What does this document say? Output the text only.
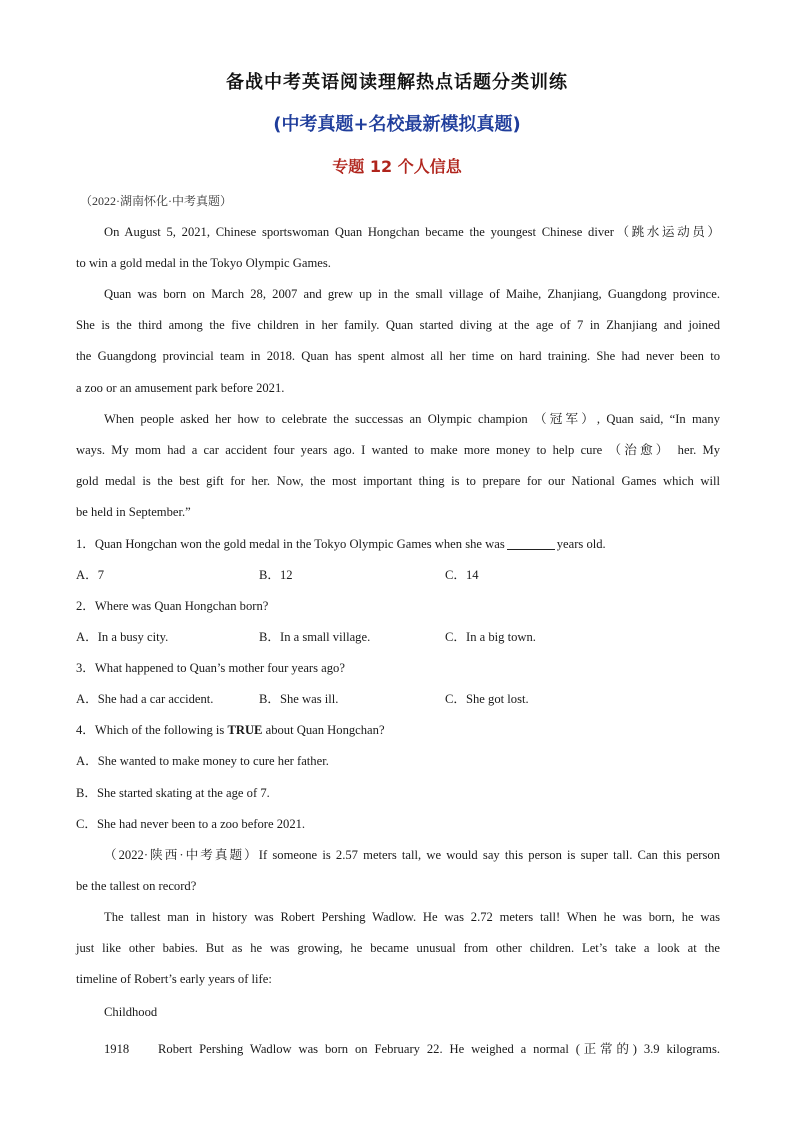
备战中考英语阅读理解热点话题分类训练
(中考真题+名校最新模拟真题)
专题 12 个人信息
（2022·湖南怀化·中考真题）
On August 5, 2021, Chinese sportswoman Quan Hongchan became the youngest Chinese diver（跳水运动员）
to win a gold medal in the Tokyo Olympic Games.
Quan was born on March 28, 2007 and grew up in the small village of Maihe, Zhanjiang, Guangdong province.
She is the third among the five children in her family. Quan started diving at the age of 7 in Zhanjiang and joined
the Guangdong provincial team in 2018. Quan has spent almost all her time on hard training. She had never been to
a zoo or an amusement park before 2021.
When people asked her how to celebrate the successas an Olympic champion （冠军）, Quan said, “In many
ways. My mom had a car accident four years ago. I wanted to make more money to help cure （治愈） her. My
gold medal is the best gift for her. Now, the most important thing is to prepare for our National Games which will
be held in September.”
1．Quan Hongchan won the gold medal in the Tokyo Olympic Games when she was	years old.
A．7	B．12	C．14
2．Where was Quan Hongchan born?
A．In a busy city.	B．In a small village.	C．In a big town.
3．What happened to Quan’s mother four years ago?
A．She had a car accident.	B．She was ill.	C．She got lost.
4．Which of the following is TRUE about Quan Hongchan?
A．She wanted to make money to cure her father.
B．She started skating at the age of 7.
C．She had never been to a zoo before 2021.
（2022·陕西·中考真题）If someone is 2.57 meters tall, we would say this person is super tall. Can this person
be the tallest on record?
The tallest man in history was Robert Pershing Wadlow. He was 2.72 meters tall! When he was born, he was
just like other babies. But as he was growing, he became unusual from other children. Let’s take a look at the
timeline of Robert’s early years of life:
Childhood
1918 Robert Pershing Wadlow was born on February 22. He weighed a normal (正常的) 3.9 kilograms.
